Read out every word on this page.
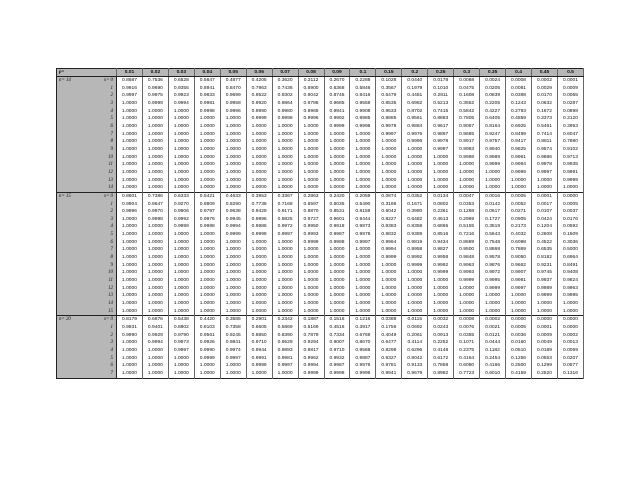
p=	0.01	0.02	0.03	0.04	0.05	0.06	0.07	0.08	0.09	0.1	0.15	0.2	0.25	0.3	0.35	0.4	0.45	0.5
n= 14 x= 0	0.8687	0.7536	0.6528	0.5647	0.4877	0.4205	0.3620	0.3112	0.2670	0.2288	0.1028	0.0440	0.0178	0.0068	0.0024	0.0008	0.0002	0.0001

1	0.9916	0.9690	0.9355	0.8941	0.8470	0.7963	0.7436	0.6900	0.6368	0.5846	0.3567	0.1979	0.1010	0.0475	0.0205	0.0081	0.0029	0.0009

2	0.9997	0.9975	0.9923	0.9833	0.9699	0.9522	0.9302	0.9042	0.8745	0.8416	0.6479	0.4481	0.2811	0.1608	0.0839	0.0398	0.0170	0.0065

3	1.0000	0.9999	0.9994	0.9981	0.9958	0.9920	0.9864	0.9786	0.9685	0.9559	0.8535	0.6982	0.5213	0.3552	0.2205	0.1243	0.0632	0.0287

4	1.0000	1.0000	1.0000	0.9998	0.9996	0.9990	0.9980	0.9965	0.9941	0.9908	0.9533	0.8702	0.7415	0.5842	0.4227	0.2793	0.1672	0.0898

5	1.0000	1.0000	1.0000	1.0000	1.0000	0.9999	0.9998	0.9996	0.9992	0.9985	0.9885	0.9561	0.8883	0.7805	0.6405	0.4859	0.3373	0.2120

6	1.0000	1.0000	1.0000	1.0000	1.0000	1.0000	1.0000	1.0000	0.9999	0.9998	0.9978	0.9884	0.9617	0.9067	0.8164	0.6925	0.5461	0.3953

7	1.0000	1.0000	1.0000	1.0000	1.0000	1.0000	1.0000	1.0000	1.0000	1.0000	0.9997	0.9976	0.9897	0.9685	0.9247	0.8499	0.7414	0.6047

8	1.0000	1.0000	1.0000	1.0000	1.0000	1.0000	1.0000	1.0000	1.0000	1.0000	1.0000	0.9996	0.9978	0.9917	0.9757	0.9417	0.8811	0.7880

9	1.0000	1.0000	1.0000	1.0000	1.0000	1.0000	1.0000	1.0000	1.0000	1.0000	1.0000	1.0000	0.9997	0.9983	0.9940	0.9825	0.9574	0.9102

10	1.0000	1.0000	1.0000	1.0000	1.0000	1.0000	1.0000	1.0000	1.0000	1.0000	1.0000	1.0000	1.0000	0.9998	0.9989	0.9961	0.9886	0.9713

11	1.0000	1.0000	1.0000	1.0000	1.0000	1.0000	1.0000	1.0000	1.0000	1.0000	1.0000	1.0000	1.0000	1.0000	0.9999	0.9994	0.9978	0.9935

12	1.0000	1.0000	1.0000	1.0000	1.0000	1.0000	1.0000	1.0000	1.0000	1.0000	1.0000	1.0000	1.0000	1.0000	1.0000	0.9999	0.9997	0.9991

13	1.0000	1.0000	1.0000	1.0000	1.0000	1.0000	1.0000	1.0000	1.0000	1.0000	1.0000	1.0000	1.0000	1.0000	1.0000	1.0000	1.0000	0.9999

14	1.0000	1.0000	1.0000	1.0000	1.0000	1.0000	1.0000	1.0000	1.0000	1.0000	1.0000	1.0000	1.0000	1.0000	1.0000	1.0000	1.0000	1.0000
n= 15 x= 0	0.8601	0.7386	0.6333	0.5421	0.4633	0.3953	0.3367	0.2863	0.2430	0.2059	0.0874	0.0352	0.0134	0.0047	0.0016	0.0005	0.0001	0.0000

1	0.9904	0.9647	0.9270	0.8809	0.8290	0.7738	0.7168	0.6597	0.6035	0.5490	0.3186	0.1671	0.0802	0.0353	0.0142	0.0052	0.0017	0.0005

2	0.9996	0.9970	0.9906	0.9797	0.9638	0.9429	0.9171	0.8870	0.8531	0.8159	0.6042	0.3980	0.2361	0.1268	0.0617	0.0271	0.0107	0.0037

3	1.0000	0.9998	0.9992	0.9976	0.9945	0.9896	0.9825	0.9727	0.9601	0.9444	0.8227	0.6482	0.4613	0.2969	0.1727	0.0905	0.0424	0.0176

4	1.0000	1.0000	0.9999	0.9998	0.9994	0.9986	0.9972	0.9950	0.9918	0.9873	0.9383	0.8358	0.6865	0.5155	0.3519	0.2173	0.1204	0.0592

5	1.0000	1.0000	1.0000	1.0000	0.9999	0.9999	0.9997	0.9993	0.9987	0.9978	0.9832	0.9389	0.8516	0.7216	0.5643	0.4032	0.2608	0.1509

6	1.0000	1.0000	1.0000	1.0000	1.0000	1.0000	1.0000	0.9999	0.9998	0.9997	0.9964	0.9819	0.9434	0.8689	0.7548	0.6098	0.4522	0.3036

7	1.0000	1.0000	1.0000	1.0000	1.0000	1.0000	1.0000	1.0000	1.0000	1.0000	0.9994	0.9958	0.9827	0.9500	0.8868	0.7869	0.6535	0.5000

8	1.0000	1.0000	1.0000	1.0000	1.0000	1.0000	1.0000	1.0000	1.0000	1.0000	0.9999	0.9992	0.9958	0.9848	0.9578	0.9050	0.8182	0.6964

9	1.0000	1.0000	1.0000	1.0000	1.0000	1.0000	1.0000	1.0000	1.0000	1.0000	1.0000	0.9999	0.9992	0.9963	0.9876	0.9662	0.9231	0.8491

10	1.0000	1.0000	1.0000	1.0000	1.0000	1.0000	1.0000	1.0000	1.0000	1.0000	1.0000	1.0000	0.9999	0.9993	0.9972	0.9907	0.9745	0.9408

11	1.0000	1.0000	1.0000	1.0000	1.0000	1.0000	1.0000	1.0000	1.0000	1.0000	1.0000	1.0000	1.0000	0.9999	0.9995	0.9981	0.9937	0.9824

12	1.0000	1.0000	1.0000	1.0000	1.0000	1.0000	1.0000	1.0000	1.0000	1.0000	1.0000	1.0000	1.0000	1.0000	0.9999	0.9997	0.9989	0.9963

13	1.0000	1.0000	1.0000	1.0000	1.0000	1.0000	1.0000	1.0000	1.0000	1.0000	1.0000	1.0000	1.0000	1.0000	1.0000	1.0000	0.9999	0.9995

14	1.0000	1.0000	1.0000	1.0000	1.0000	1.0000	1.0000	1.0000	1.0000	1.0000	1.0000	1.0000	1.0000	1.0000	1.0000	1.0000	1.0000	1.0000

15	1.0000	1.0000	1.0000	1.0000	1.0000	1.0000	1.0000	1.0000	1.0000	1.0000	1.0000	1.0000	1.0000	1.0000	1.0000	1.0000	1.0000	1.0000
n= 20 x= 0	0.8179	0.6676	0.5438	0.4420	0.3585	0.2901	0.2342	0.1887	0.1516	0.1216	0.0388	0.0115	0.0032	0.0008	0.0002	0.0000	0.0000	0.0000

1	0.9831	0.9401	0.8802	0.8103	0.7358	0.6605	0.5869	0.5169	0.4516	0.3917	0.1756	0.0692	0.0243	0.0076	0.0021	0.0005	0.0001	0.0000

2	0.9990	0.9929	0.9790	0.9561	0.9245	0.8850	0.8390	0.7879	0.7334	0.6769	0.4049	0.2061	0.0913	0.0355	0.0121	0.0036	0.0009	0.0002

3	1.0000	0.9994	0.9973	0.9926	0.9841	0.9710	0.9529	0.9294	0.9007	0.8670	0.6477	0.4114	0.2252	0.1071	0.0444	0.0160	0.0049	0.0013

4	1.0000	1.0000	0.9997	0.9990	0.9974	0.9944	0.9893	0.9817	0.9710	0.9568	0.8298	0.6296	0.4148	0.2375	0.1182	0.0510	0.0189	0.0059

5	1.0000	1.0000	1.0000	0.9999	0.9997	0.9991	0.9981	0.9962	0.9932	0.9887	0.9327	0.8042	0.6172	0.4164	0.2454	0.1256	0.0553	0.0207

6	1.0000	1.0000	1.0000	1.0000	1.0000	0.9999	0.9997	0.9994	0.9987	0.9976	0.9781	0.9133	0.7858	0.6080	0.4166	0.2500	0.1299	0.0577

7	1.0000	1.0000	1.0000	1.0000	1.0000	1.0000	1.0000	0.9999	0.9998	0.9996	0.9941	0.9679	0.8982	0.7723	0.6010	0.4159	0.2520	0.1316
